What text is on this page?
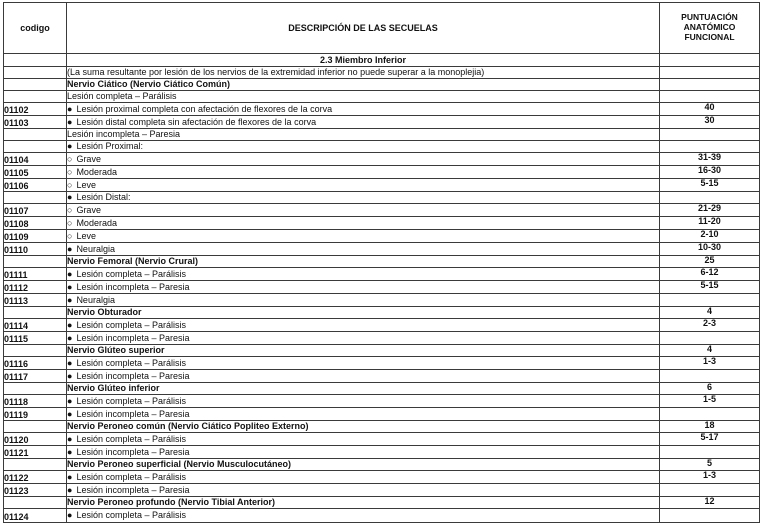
codigo	DESCRIPCIÓN DE LAS SECUELAS	PUNTUACIÓN
ANATÓMICO
FUNCIONAL
	2.3 Miembro Inferior	
	(La suma resultante por lesión de los nervios de la extremidad inferior no puede superar a la monoplejia)	
	Nervio Ciático (Nervio Ciático Común)	
	Lesión completa – Parálisis	
01102	● Lesión proximal completa con afectación de flexores de la corva	40
01103	● Lesión distal completa sin afectación de flexores de la corva	30
	Lesión incompleta – Paresia	
	● Lesión Proximal:	
01104	○ Grave	31-39
01105	○ Moderada	16-30
01106	○ Leve	5-15
	● Lesión Distal:	
01107	○ Grave	21-29
01108	○ Moderada	11-20
01109	○ Leve	2-10
01110	● Neuralgia	10-30
	Nervio Femoral (Nervio Crural)	25
01111	● Lesión completa – Parálisis	6-12
01112	● Lesión incompleta – Paresia	5-15
01113	● Neuralgia	
	Nervio Obturador	4
01114	● Lesión completa – Parálisis	2-3
01115	● Lesión incompleta – Paresia	
	Nervio Glúteo superior	4
01116	● Lesión completa – Parálisis	1-3
01117	● Lesión incompleta – Paresia	
	Nervio Glúteo inferior	6
01118	● Lesión completa – Parálisis	1-5
01119	● Lesión incompleta – Paresia	
	Nervio Peroneo común (Nervio Ciático Popliteo Externo)	18
01120	● Lesión completa – Parálisis	5-17
01121	● Lesión incompleta – Paresia	
	Nervio Peroneo superficial (Nervio Musculocutáneo)	5
01122	● Lesión completa – Parálisis	1-3
01123	● Lesión incompleta – Paresia	
	Nervio Peroneo profundo (Nervio Tibial Anterior)	12
01124	● Lesión completa – Parálisis	
